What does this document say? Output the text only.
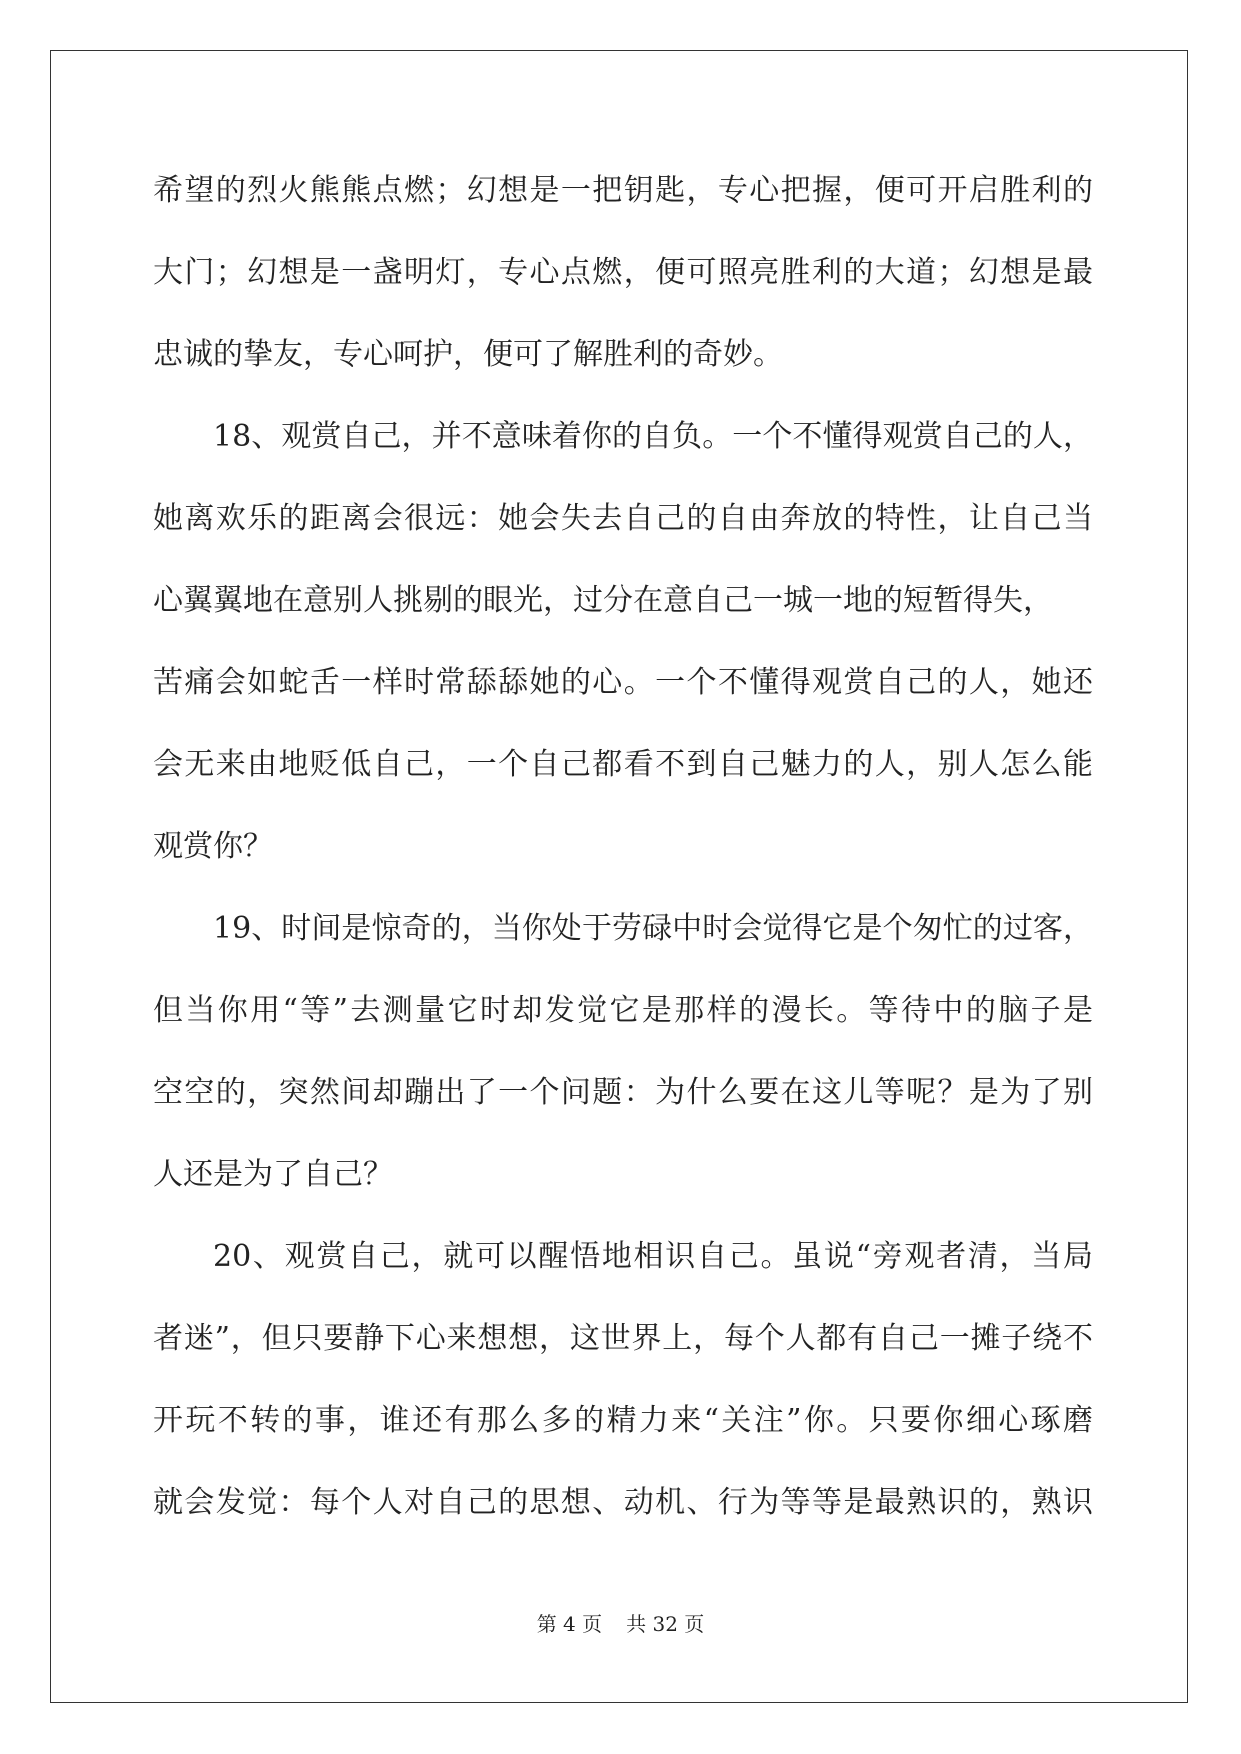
希望的烈火熊熊点燃；幻想是一把钥匙，专心把握，便可开启胜利的

大门；幻想是一盏明灯，专心点燃，便可照亮胜利的大道；幻想是最

忠诚的挚友，专心呵护，便可了解胜利的奇妙。

18、观赏自己，并不意味着你的自负。一个不懂得观赏自己的人，

她离欢乐的距离会很远：她会失去自己的自由奔放的特性，让自己当

心翼翼地在意别人挑剔的眼光，过分在意自己一城一地的短暂得失，

苦痛会如蛇舌一样时常舔舔她的心。一个不懂得观赏自己的人，她还

会无来由地贬低自己，一个自己都看不到自己魅力的人，别人怎么能

观赏你？

19、时间是惊奇的，当你处于劳碌中时会觉得它是个匆忙的过客，

但当你用“等”去测量它时却发觉它是那样的漫长。等待中的脑子是

空空的，突然间却蹦出了一个问题：为什么要在这儿等呢？是为了别

人还是为了自己？

20、观赏自己，就可以醒悟地相识自己。虽说“旁观者清，当局

者迷”，但只要静下心来想想，这世界上，每个人都有自己一摊子绕不

开玩不转的事，谁还有那么多的精力来“关注”你。只要你细心琢磨

就会发觉：每个人对自己的思想、动机、行为等等是最熟识的，熟识

第 4 页 共 32 页
